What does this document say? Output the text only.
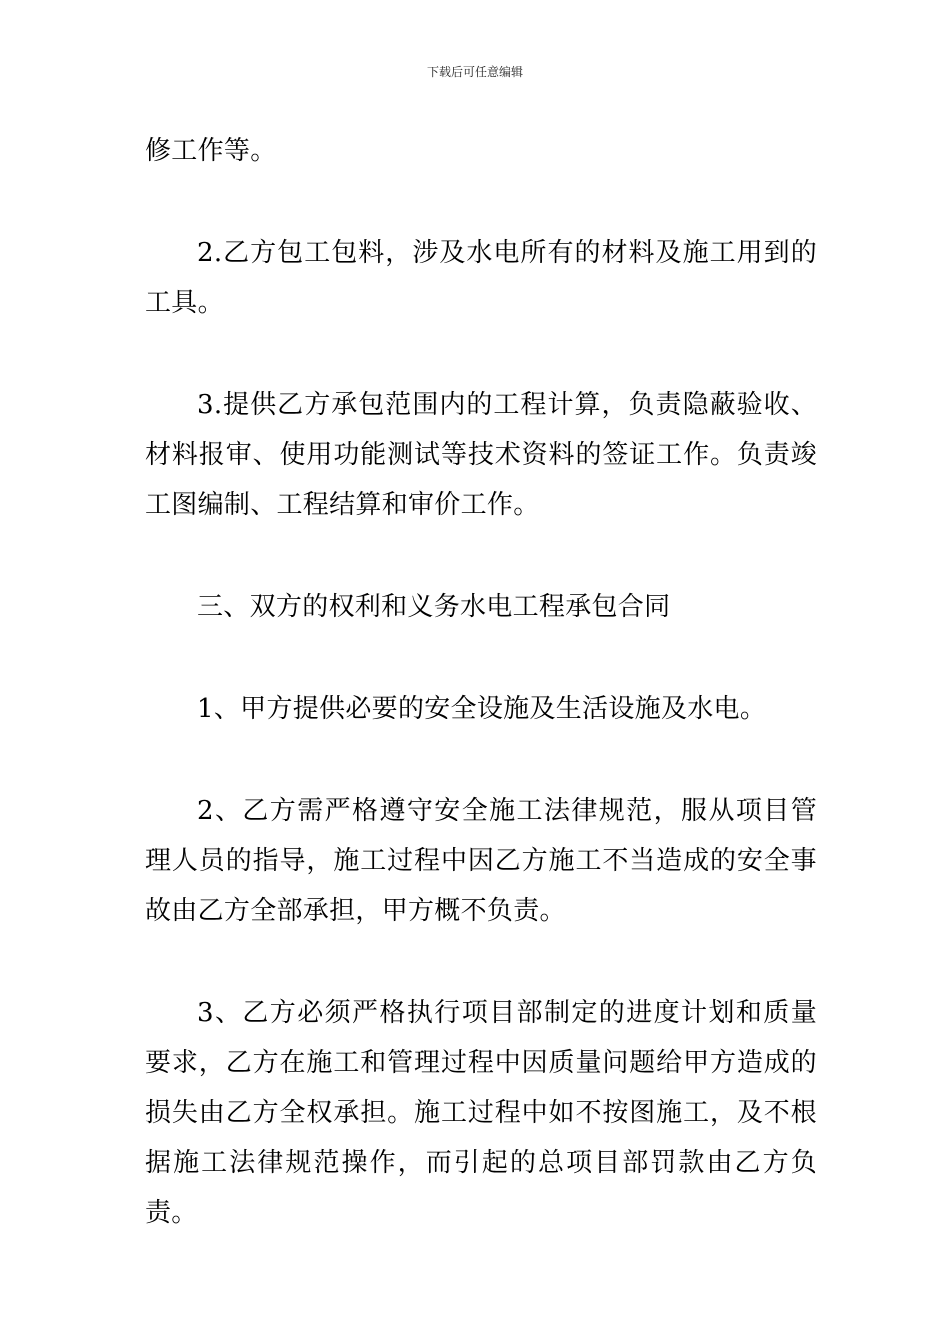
下载后可任意编辑

修工作等。

2.乙方包工包料，涉及水电所有的材料及施工用到的工具。

3.提供乙方承包范围内的工程计算，负责隐蔽验收、材料报审、使用功能测试等技术资料的签证工作。负责竣工图编制、工程结算和审价工作。

三、双方的权利和义务水电工程承包合同

1、甲方提供必要的安全设施及生活设施及水电。

2、乙方需严格遵守安全施工法律规范，服从项目管理人员的指导，施工过程中因乙方施工不当造成的安全事故由乙方全部承担，甲方概不负责。

3、乙方必须严格执行项目部制定的进度计划和质量要求，乙方在施工和管理过程中因质量问题给甲方造成的损失由乙方全权承担。施工过程中如不按图施工，及不根据施工法律规范操作，而引起的总项目部罚款由乙方负责。
